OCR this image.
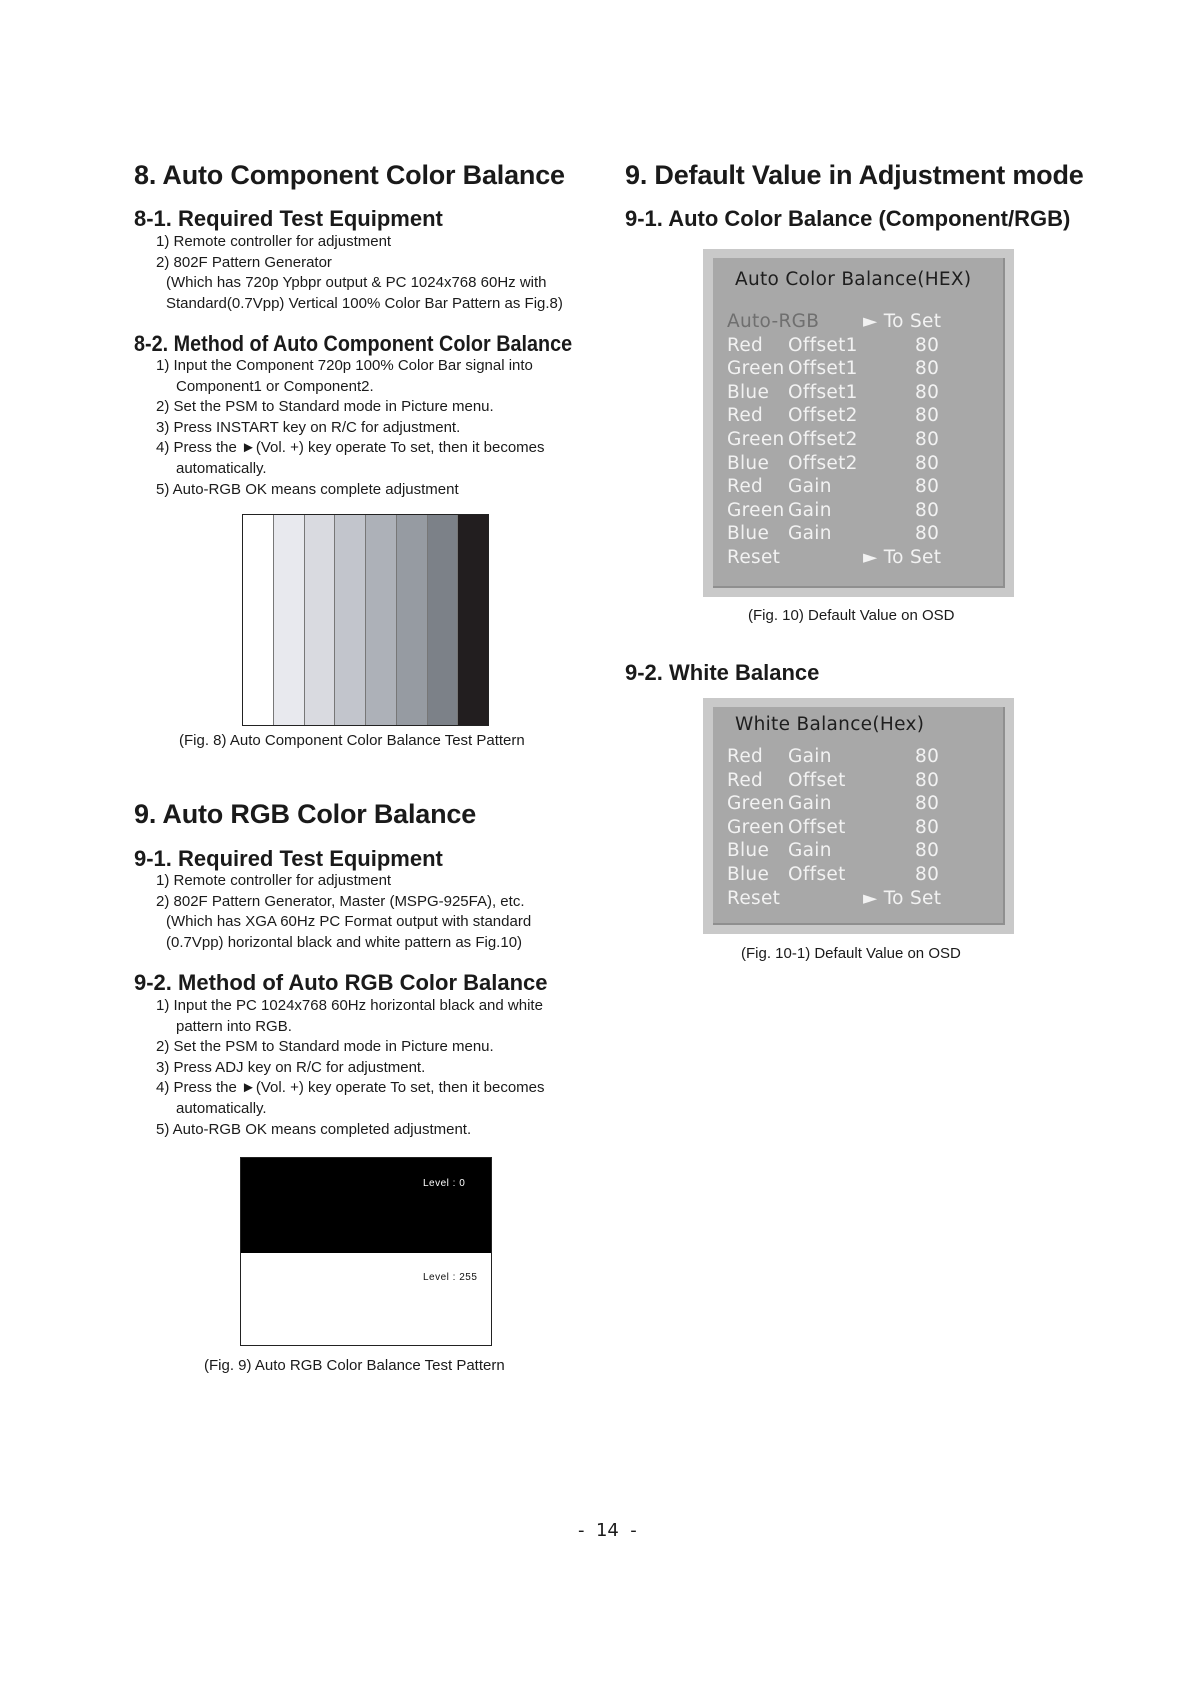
8. Auto Component Color Balance
8-1. Required Test Equipment
1) Remote controller for adjustment
2) 802F Pattern Generator
(Which has 720p Ypbpr output & PC 1024x768 60Hz with
Standard(0.7Vpp) Vertical 100% Color Bar Pattern as Fig.8)
8-2. Method of Auto Component Color Balance
1) Input the Component 720p 100% Color Bar signal into
Component1 or Component2.
2) Set the PSM to Standard mode in Picture menu.
3) Press INSTART key on R/C for adjustment.
4) Press the ►(Vol. +) key operate To set, then it becomes
automatically.
5) Auto-RGB OK means complete adjustment
(Fig. 8) Auto Component Color Balance Test Pattern
9. Auto RGB Color Balance
9-1. Required Test Equipment
1) Remote controller for adjustment
2) 802F Pattern Generator, Master (MSPG-925FA), etc.
(Which has XGA 60Hz PC Format output with standard
(0.7Vpp) horizontal black and white pattern as Fig.10)
9-2. Method of Auto RGB Color Balance
1) Input the PC 1024x768 60Hz horizontal black and white
pattern into RGB.
2) Set the PSM to Standard mode in Picture menu.
3) Press ADJ key on R/C for adjustment.
4) Press the ►(Vol. +) key operate To set, then it becomes
automatically.
5) Auto-RGB OK means completed adjustment.
Level : 0
Level : 255
(Fig. 9) Auto RGB Color Balance Test Pattern
9. Default Value in Adjustment mode
9-1. Auto Color Balance (Component/RGB)
Auto Color Balance(HEX)
Auto-RGB ► To Set
Red Offset1	80
Green Offset1	80
Blue Offset1	80
Red Offset2	80
Green Offset2	80
Blue Offset2	80
Red Gain	80
Green Gain	80
Blue Gain	80
Reset	► To Set
(Fig. 10) Default Value on OSD
9-2. White Balance
White Balance(Hex)
Red Gain	80
Red Offset	80
Green Gain	80
Green Offset	80
Blue Gain	80
Blue Offset	80
Reset	► To Set
(Fig. 10-1) Default Value on OSD
-  14  -
